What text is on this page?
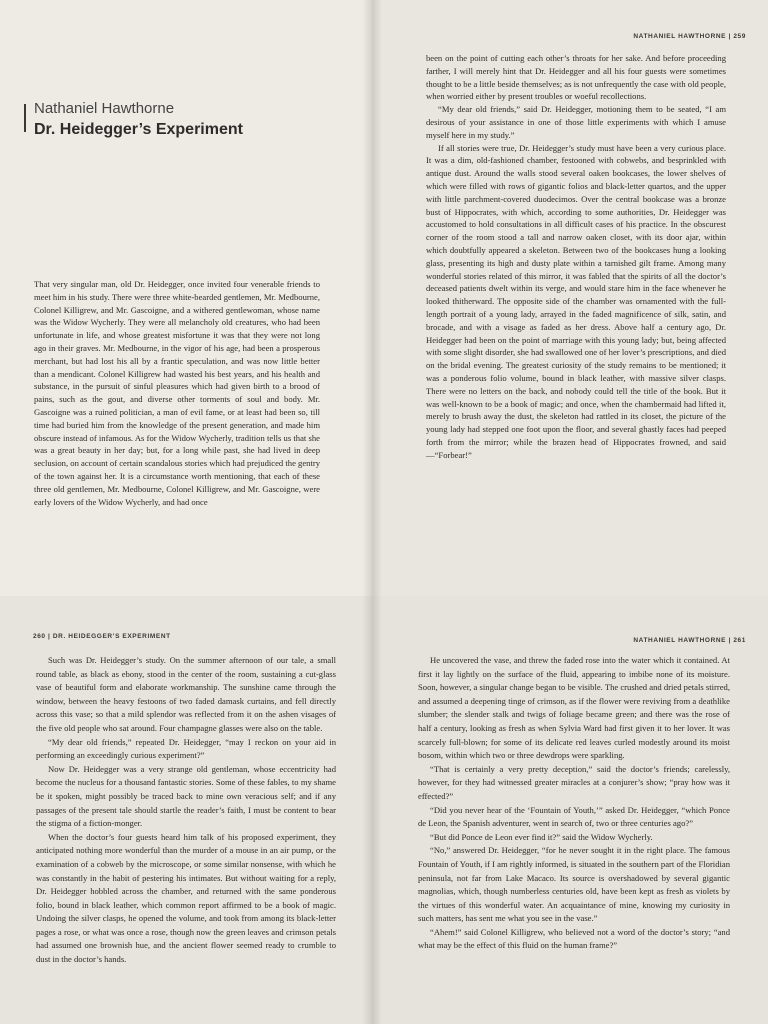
Nathaniel Hawthorne
Dr. Heidegger’s Experiment

That very singular man, old Dr. Heidegger, once invited four venerable friends to meet him in his study. There were three white-bearded gentlemen, Mr. Medbourne, Colonel Killigrew, and Mr. Gascoigne, and a withered gentlewoman, whose name was the Widow Wycherly. They were all melancholy old creatures, who had been unfortunate in life, and whose greatest misfortune it was that they were not long ago in their graves. Mr. Medbourne, in the vigor of his age, had been a prosperous merchant, but had lost his all by a frantic speculation, and was now little better than a mendicant. Colonel Killigrew had wasted his best years, and his health and substance, in the pursuit of sinful pleasures which had given birth to a brood of pains, such as the gout, and diverse other torments of soul and body. Mr. Gascoigne was a ruined politician, a man of evil fame, or at least had been so, till time had buried him from the knowledge of the present generation, and made him obscure instead of infamous. As for the Widow Wycherly, tradition tells us that she was a great beauty in her day; but, for a long while past, she had lived in deep seclusion, on account of certain scandalous stories which had prejudiced the gentry of the town against her. It is a circumstance worth mentioning, that each of these three old gentlemen, Mr. Medbourne, Colonel Killigrew, and Mr. Gascoigne, were early lovers of the Widow Wycherly, and had once

NATHANIEL HAWTHORNE | 259

been on the point of cutting each other’s throats for her sake. And before proceeding farther, I will merely hint that Dr. Heidegger and all his four guests were sometimes thought to be a little beside themselves; as is not unfrequently the case with old people, when worried either by present troubles or woeful recollections.

“My dear old friends,” said Dr. Heidegger, motioning them to be seated, “I am desirous of your assistance in one of those little experiments with which I amuse myself here in my study.”

If all stories were true, Dr. Heidegger’s study must have been a very curious place. It was a dim, old-fashioned chamber, festooned with cobwebs, and besprinkled with antique dust. Around the walls stood several oaken bookcases, the lower shelves of which were filled with rows of gigantic folios and black-letter quartos, and the upper with little parchment-covered duodecimos. Over the central bookcase was a bronze bust of Hippocrates, with which, according to some authorities, Dr. Heidegger was accustomed to hold consultations in all difficult cases of his practice. In the obscurest corner of the room stood a tall and narrow oaken closet, with its door ajar, within which doubtfully appeared a skeleton. Between two of the bookcases hung a looking glass, presenting its high and dusty plate within a tarnished gilt frame. Among many wonderful stories related of this mirror, it was fabled that the spirits of all the doctor’s deceased patients dwelt within its verge, and would stare him in the face whenever he looked thitherward. The opposite side of the chamber was ornamented with the full-length portrait of a young lady, arrayed in the faded magnificence of silk, satin, and brocade, and with a visage as faded as her dress. Above half a century ago, Dr. Heidegger had been on the point of marriage with this young lady; but, being affected with some slight disorder, she had swallowed one of her lover’s prescriptions, and died on the bridal evening. The greatest curiosity of the study remains to be mentioned; it was a ponderous folio volume, bound in black leather, with massive silver clasps. There were no letters on the back, and nobody could tell the title of the book. But it was well-known to be a book of magic; and once, when the chambermaid had lifted it, merely to brush away the dust, the skeleton had rattled in its closet, the picture of the young lady had stepped one foot upon the floor, and several ghastly faces had peeped forth from the mirror; while the brazen head of Hippocrates frowned, and said—“Forbear!”

260 | DR. HEIDEGGER’S EXPERIMENT

Such was Dr. Heidegger’s study. On the summer afternoon of our tale, a small round table, as black as ebony, stood in the center of the room, sustaining a cut-glass vase of beautiful form and elaborate workmanship. The sunshine came through the window, between the heavy festoons of two faded damask curtains, and fell directly across this vase; so that a mild splendor was reflected from it on the ashen visages of the five old people who sat around. Four champagne glasses were also on the table.

“My dear old friends,” repeated Dr. Heidegger, “may I reckon on your aid in performing an exceedingly curious experiment?”

Now Dr. Heidegger was a very strange old gentleman, whose eccentricity had become the nucleus for a thousand fantastic stories. Some of these fables, to my shame be it spoken, might possibly be traced back to mine own veracious self; and if any passages of the present tale should startle the reader’s faith, I must be content to bear the stigma of a fiction-monger.

When the doctor’s four guests heard him talk of his proposed experiment, they anticipated nothing more wonderful than the murder of a mouse in an air pump, or the examination of a cobweb by the microscope, or some similar nonsense, with which he was constantly in the habit of pestering his intimates. But without waiting for a reply, Dr. Heidegger hobbled across the chamber, and returned with the same ponderous folio, bound in black leather, which common report affirmed to be a book of magic. Undoing the silver clasps, he opened the volume, and took from among its black-letter pages a rose, or what was once a rose, though now the green leaves and crimson petals had assumed one brownish hue, and the ancient flower seemed ready to crumble to dust in the doctor’s hands.

NATHANIEL HAWTHORNE | 261

He uncovered the vase, and threw the faded rose into the water which it contained. At first it lay lightly on the surface of the fluid, appearing to imbibe none of its moisture. Soon, however, a singular change began to be visible. The crushed and dried petals stirred, and assumed a deepening tinge of crimson, as if the flower were reviving from a deathlike slumber; the slender stalk and twigs of foliage became green; and there was the rose of half a century, looking as fresh as when Sylvia Ward had first given it to her lover. It was scarcely full-blown; for some of its delicate red leaves curled modestly around its moist bosom, within which two or three dewdrops were sparkling.

“That is certainly a very pretty deception,” said the doctor’s friends; carelessly, however, for they had witnessed greater miracles at a conjurer’s show; “pray how was it effected?”

“Did you never hear of the ‘Fountain of Youth,’” asked Dr. Heidegger, “which Ponce de Leon, the Spanish adventurer, went in search of, two or three centuries ago?”

“But did Ponce de Leon ever find it?” said the Widow Wycherly.

“No,” answered Dr. Heidegger, “for he never sought it in the right place. The famous Fountain of Youth, if I am rightly informed, is situated in the southern part of the Floridian peninsula, not far from Lake Macaco. Its source is overshadowed by several gigantic magnolias, which, though numberless centuries old, have been kept as fresh as violets by the virtues of this wonderful water. An acquaintance of mine, knowing my curiosity in such matters, has sent me what you see in the vase.”

“Ahem!” said Colonel Killigrew, who believed not a word of the doctor’s story; “and what may be the effect of this fluid on the human frame?”
